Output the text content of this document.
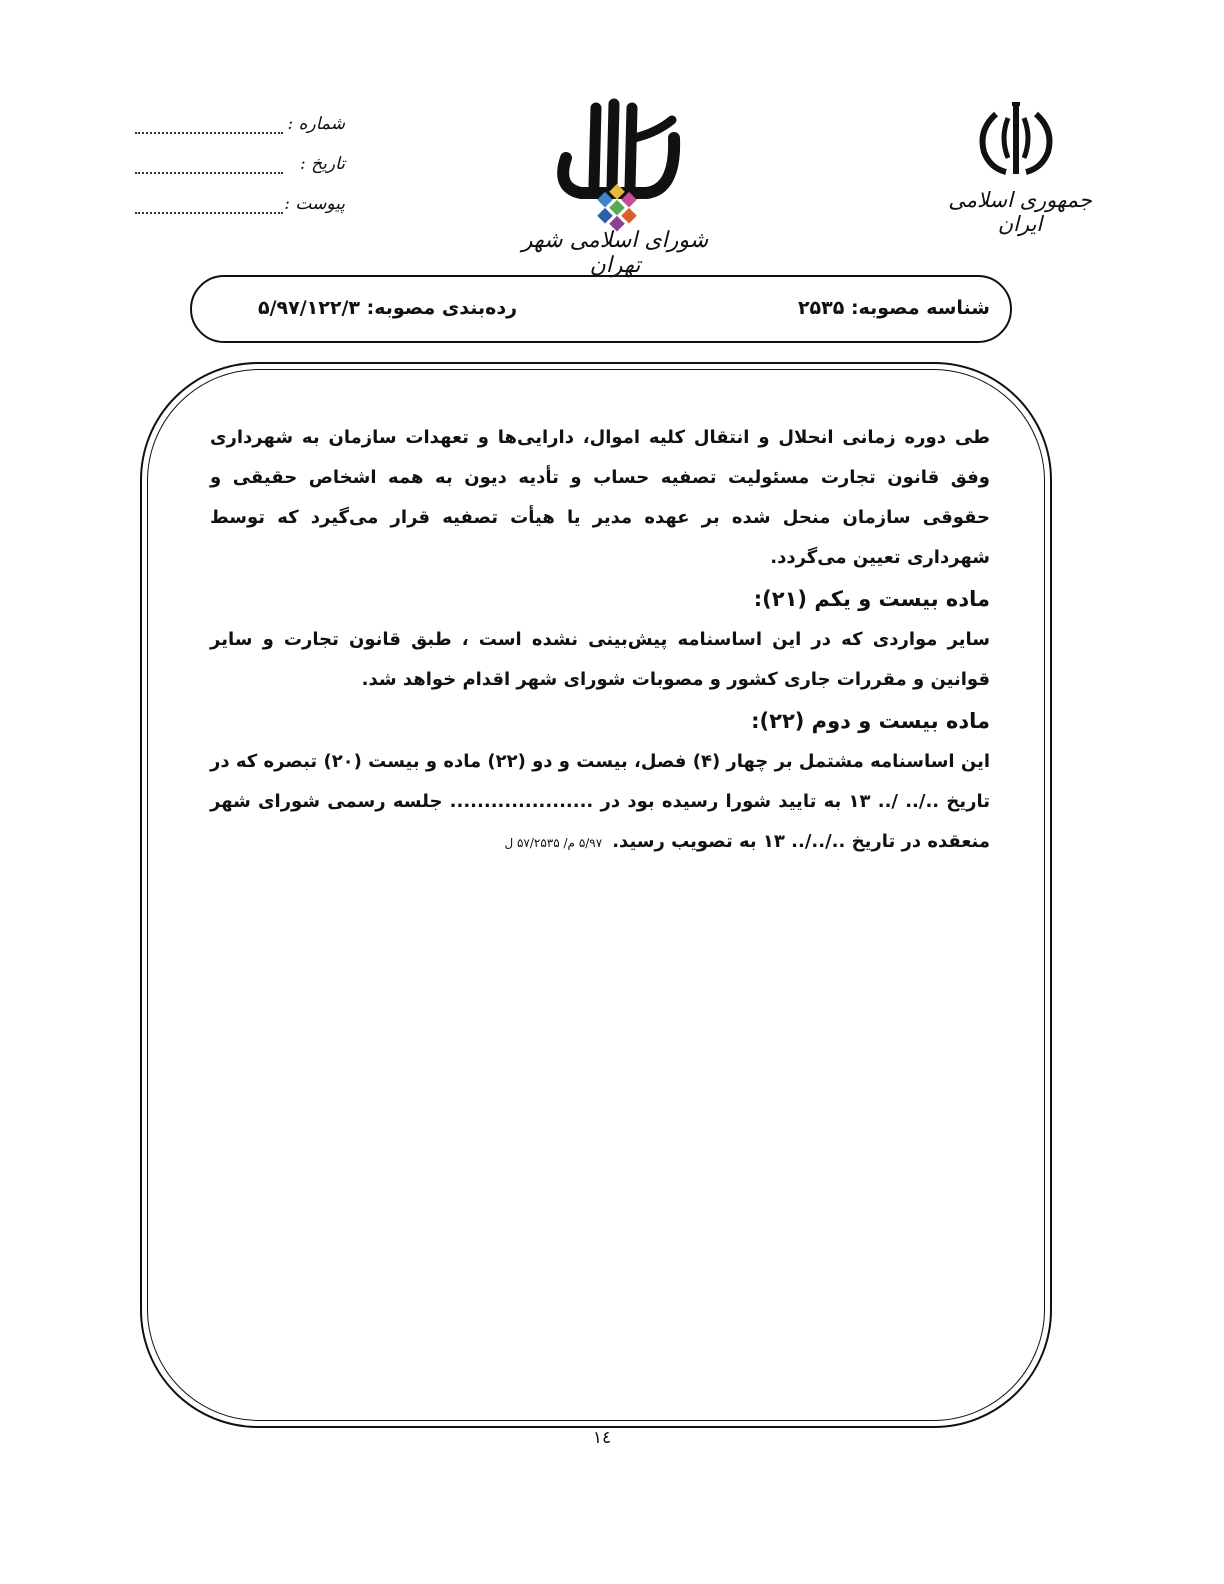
شماره :
تاریخ :
پیوست :
شورای اسلامی شهر تهران
جمهوری اسلامی ایران
شناسه مصوبه: ۲۵۳۵
رده‌بندی مصوبه: ۵/۹۷/۱۲۲/۳

طی دوره زمانی انحلال و انتقال کلیه اموال، دارایی‌ها و تعهدات سازمان به شهرداری وفق قانون تجارت مسئولیت تصفیه حساب و تأدیه دیون به همه اشخاص حقیقی و حقوقی سازمان منحل شده بر عهده مدیر یا هیأت تصفیه قرار می‌گیرد که توسط شهرداری تعیین می‌گردد.

ماده بیست و یکم (۲۱):

سایر مواردی که در این اساسنامه پیش‌بینی نشده است ، طبق قانون تجارت و سایر قوانین و مقررات جاری کشور و مصوبات شورای شهر اقدام خواهد شد.

ماده بیست و دوم (۲۲):

این اساسنامه مشتمل بر چهار (۴) فصل، بیست و دو (۲۲) ماده و بیست (۲۰) تبصره که در تاریخ ../.. /.. ۱۳ به تایید شورا رسیده بود در ..................... جلسه رسمی شورای شهر منعقده در تاریخ ../../.. ۱۳ به تصویب رسید.۵/۹۷ م/ ۵۷/۲۵۳۵ ل

۱٤
